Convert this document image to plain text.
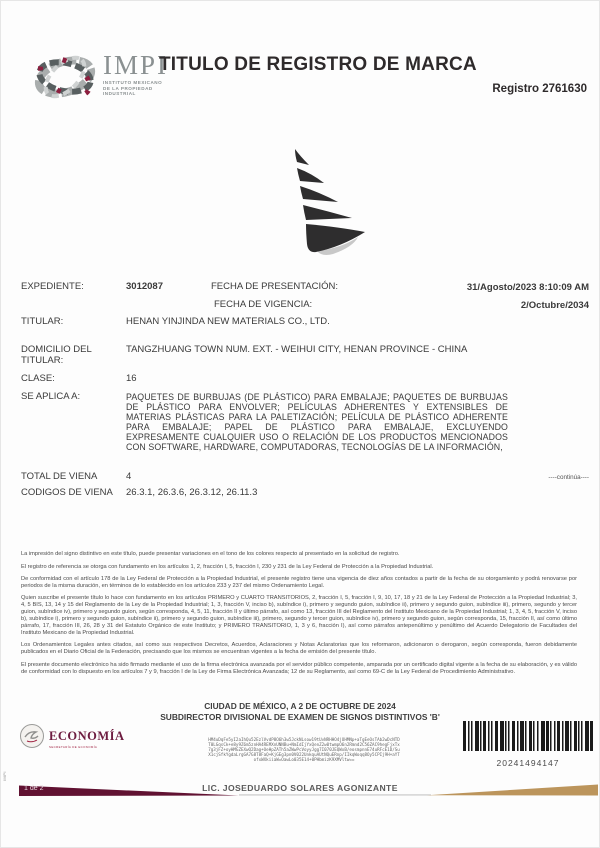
IMPI
INSTITUTO MEXICANO
DE LA PROPIEDAD
INDUSTRIAL
TITULO DE REGISTRO DE MARCA
Registro 2761630
EXPEDIENTE:	3012087	FECHA DE PRESENTACIÓN:	31/Agosto/2023 8:10:09 AM
FECHA DE VIGENCIA:	2/Octubre/2034
TITULAR:	HENAN YINJINDA NEW MATERIALS CO., LTD.
DOMICILIO DEL TITULAR:
TANGZHUANG TOWN NUM. EXT. - WEIHUI CITY, HENAN PROVINCE - CHINA
CLASE:	16
SE APLICA A:	PAQUETES DE BURBUJAS (DE PLÁSTICO) PARA EMBALAJE; PAQUETES DE BURBUJAS DE PLÁSTICO PARA ENVOLVER; PELÍCULAS ADHERENTES Y EXTENSIBLES DE MATERIAS PLÁSTICAS PARA LA PALETIZACIÓN; PELÍCULA DE PLÁSTICO ADHERENTE PARA EMBALAJE; PAPEL DE PLÁSTICO PARA EMBALAJE, EXCLUYENDO EXPRESAMENTE CUALQUIER USO O RELACIÓN DE LOS PRODUCTOS MENCIONADOS CON SOFTWARE, HARDWARE, COMPUTADORAS, TECNOLOGÍAS DE LA INFORMACIÓN,
TOTAL DE VIENA	4	----continúa----
CODIGOS DE VIENA 26.3.1, 26.3.6, 26.3.12, 26.11.3
La impresión del signo distintivo en este título, puede presentar variaciones en el tono de los colores respecto al presentado en la solicitud de registro.
El registro de referencia se otorga con fundamento en los artículos 1, 2, fracción I, 5, fracción I, 230 y 231 de la Ley Federal de Protección a la Propiedad Industrial.
De conformidad con el artículo 178 de la Ley Federal de Protección a la Propiedad Industrial, el presente registro tiene una vigencia de diez años contados a partir de la fecha de su otorgamiento y podrá renovarse por periodos de la misma duración, en términos de lo establecido en los artículos 233 y 237 del mismo Ordenamiento Legal.
Quien suscribe el presente título lo hace con fundamento en los artículos PRIMERO y CUARTO TRANSITORIOS, 2, fracción I, 5, fracción I, 9, 10, 17, 18 y 21 de la Ley Federal de Protección a la Propiedad Industrial; 3, 4, 5 BIS, 13, 14 y 15 del Reglamento de la Ley de la Propiedad Industrial; 1, 3, fracción V, inciso b), subíndice i), primero y segundo guion, subíndice ii), primero y segundo guion, subíndice iii), primero, segundo y tercer guion, subíndice iv), primero y segundo guion, según corresponda, 4, 5, 11, fracción II y último párrafo, así como 13, fracción III del Reglamento del Instituto Mexicano de la Propiedad Industrial; 1, 3, 4, 5, fracción V, inciso b), subíndice i), primero y segundo guion, subíndice ii), primero y segundo guion, subíndice iii), primero, segundo y tercer guion, subíndice iv), primero y segundo guion, según corresponda, 15, fracción II, así como último párrafo, 17, fracción III, 26, 28 y 31 del Estatuto Orgánico de este Instituto; y PRIMERO TRANSITORIO, 1, 3 y 6, fracción I), así como párrafos antepenúltimo y penúltimo del Acuerdo Delegatorio de Facultades del Instituto Mexicano de la Propiedad Industrial.
Los Ordenamientos Legales antes citados, así como sus respectivos Decretos, Acuerdos, Aclaraciones y Notas Aclaratorias que los reformaron, adicionaron o derogaron, según corresponda, fueron debidamente publicados en el Diario Oficial de la Federación, precisando que los mismos se encuentran vigentes a la fecha de emisión del presente título.
El presente documento electrónico ha sido firmado mediante el uso de la firma electrónica avanzada por el servidor público competente, amparada por un certificado digital vigente a la fecha de su elaboración, y es válido de conformidad con lo dispuesto en los artículos 7 y 9, fracción I de la Ley de Firma Electrónica Avanzada; 12 de su Reglamento, así como 69-C de la Ley Federal de Procedimiento Administrativo.
CIUDAD DE MÉXICO, A 2 DE OCTUBRE DE 2024
SUBDIRECTOR DIVISIONAL DE EXAMEN DE SIGNOS DISTINTIVOS 'B'
ECONOMÍA
SECRETARÍA DE ECONOMÍA
HM4uDqFe5yI2aIhQu52EzlVvdP8O6h3w5JckNLsow19tUvNRHHO4jOHMNp+aTgEeOsTAb2wDcNTD
T0LGqsCk+e8y9Z6m5znHA4REMXnUNNBu+NmIdIjYxQenZ2w0twmpO6n2Rmnd2C56ZAC9hegFjxTx
7g3jFZ+oyHMGZEXwQ2Dag+OeHpZATh5aZWwPcVoyyJgg7I070JEQWxB/eosmpnnE74uRFcE1D/Su
X1cjSfkYgdaLrgGA7G8T8FaQ+KjGEg3pn0V022UnkquAUtNQuERnp/IIkqWoqq8Oy5CPIj9H+aYT
ofxWXkiiaW=OawLo035E14+0PHbmizK9XMVltw==	20241494147
1 de 2	LIC. JOSEDUARDO SOLARES AGONIZANTE
IMPI
